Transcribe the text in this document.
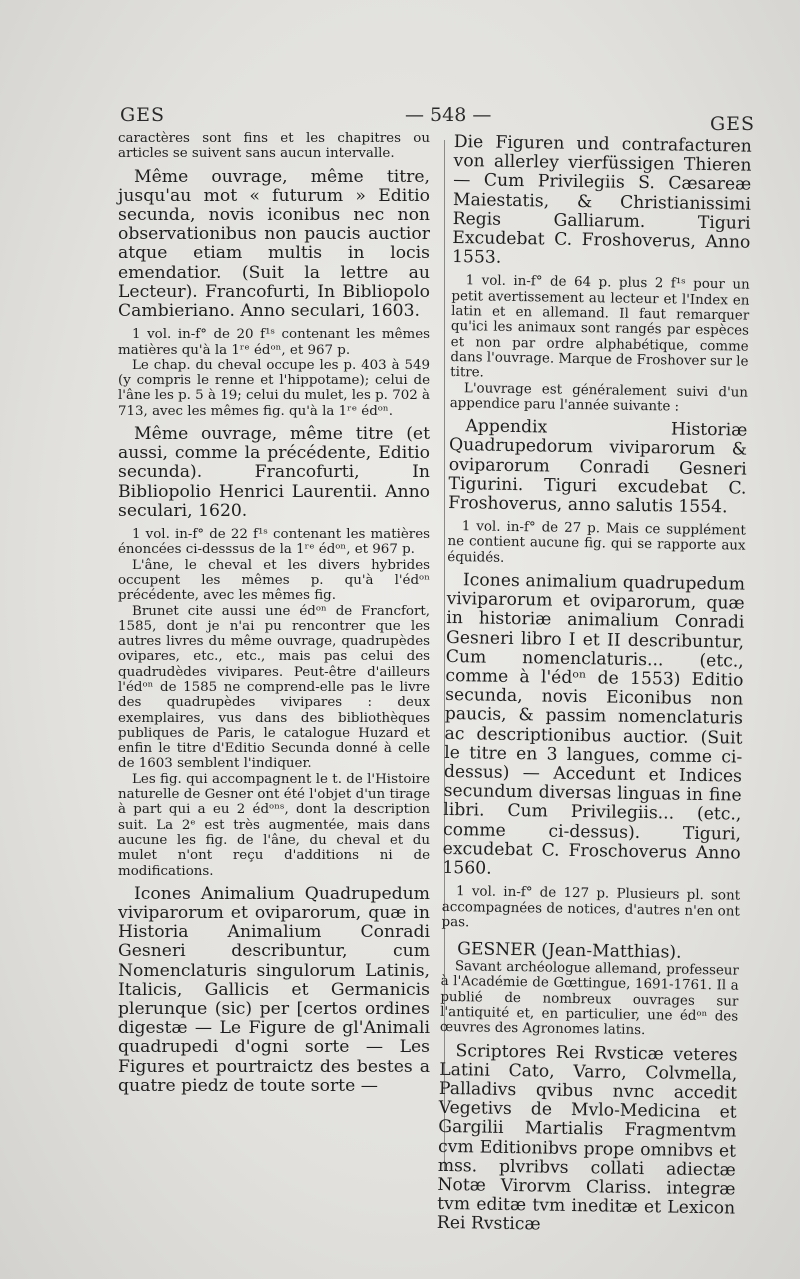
GES	— 548 —	GES

caractères sont fins et les chapitres ou articles se suivent sans aucun intervalle.

Même ouvrage, même titre, jusqu'au mot « futurum » Editio secunda, novis iconibus nec non observationibus non paucis auctior atque etiam multis in locis emendatior. (Suit la lettre au Lecteur). Francofurti, In Bibliopolo Cambieriano. Anno seculari, 1603.

1 vol. in-f° de 20 f¹ˢ contenant les mêmes matières qu'à la 1ʳᵉ édᵒⁿ, et 967 p.

Le chap. du cheval occupe les p. 403 à 549 (y compris le renne et l'hippotame); celui de l'âne les p. 5 à 19; celui du mulet, les p. 702 à 713, avec les mêmes fig. qu'à la 1ʳᵉ édᵒⁿ.

Même ouvrage, même titre (et aussi, comme la précédente, Editio secunda). Francofurti, In Bibliopolio Henrici Laurentii. Anno seculari, 1620.

1 vol. in-f° de 22 f¹ˢ contenant les matières énoncées ci-desssus de la 1ʳᵉ édᵒⁿ, et 967 p.

L'âne, le cheval et les divers hybrides occupent les mêmes p. qu'à l'édᵒⁿ précédente, avec les mêmes fig.

Brunet cite aussi une édᵒⁿ de Francfort, 1585, dont je n'ai pu rencontrer que les autres livres du même ouvrage, quadrupèdes ovipares, etc., etc., mais pas celui des quadrudèdes vivipares. Peut-être d'ailleurs l'édᵒⁿ de 1585 ne comprend-elle pas le livre des quadrupèdes vivipares : deux exemplaires, vus dans des bibliothèques publiques de Paris, le catalogue Huzard et enfin le titre d'Editio Secunda donné à celle de 1603 semblent l'indiquer.

Les fig. qui accompagnent le t. de l'Histoire naturelle de Gesner ont été l'objet d'un tirage à part qui a eu 2 édᵒⁿˢ, dont la description suit. La 2ᵉ est très augmentée, mais dans aucune les fig. de l'âne, du cheval et du mulet n'ont reçu d'additions ni de modifications.

Icones Animalium Quadrupedum viviparorum et oviparorum, quæ in Historia Animalium Conradi Gesneri describuntur, cum Nomenclaturis singulorum Latinis, Italicis, Gallicis et Germanicis plerunque (sic) per [certos ordines digestæ — Le Figure de gl'Animali quadrupedi d'ogni sorte — Les Figures et pourtraictz des bestes a quatre piedz de toute sorte —

Die Figuren und contrafacturen von allerley vierfüssigen Thieren — Cum Privilegiis S. Cæsareæ Maiestatis, & Christianissimi Regis Galliarum. Tiguri Excudebat C. Froshoverus, Anno 1553.

1 vol. in-f° de 64 p. plus 2 f¹ˢ pour un petit avertissement au lecteur et l'Index en latin et en allemand. Il faut remarquer qu'ici les animaux sont rangés par espèces et non par ordre alphabétique, comme dans l'ouvrage. Marque de Froshover sur le titre.

L'ouvrage est généralement suivi d'un appendice paru l'année suivante :

Appendix Historiæ Quadrupedorum viviparorum & oviparorum Conradi Gesneri Tigurini. Tiguri excudebat C. Froshoverus, anno salutis 1554.

1 vol. in-f° de 27 p. Mais ce supplément ne contient aucune fig. qui se rapporte aux équidés.

Icones animalium quadrupedum viviparorum et oviparorum, quæ in historiæ animalium Conradi Gesneri libro I et II describuntur, Cum nomenclaturis... (etc., comme à l'édᵒⁿ de 1553) Editio secunda, novis Eiconibus non paucis, & passim nomenclaturis ac descriptionibus auctior. (Suit le titre en 3 langues, comme ci-dessus) — Accedunt et Indices secundum diversas linguas in fine libri. Cum Privilegiis... (etc., comme ci-dessus). Tiguri, excudebat C. Froschoverus Anno 1560.

1 vol. in-f° de 127 p. Plusieurs pl. sont accompagnées de notices, d'autres n'en ont pas.

GESNER (Jean-Matthias).

Savant archéologue allemand, professeur à l'Académie de Gœttingue, 1691-1761. Il a publié de nombreux ouvrages sur l'antiquité et, en particulier, une édᵒⁿ des œuvres des Agronomes latins.

Scriptores Rei Rvsticæ veteres Latini Cato, Varro, Colvmella, Palladivs qvibus nvnc accedit Vegetivs de Mvlo-Medicina et Gargilii Martialis Fragmentvm cvm Editionibvs prope omnibvs et mss. plvribvs collati adiectæ Notæ Virorvm Clariss. integræ tvm editæ tvm ineditæ et Lexicon Rei Rvsticæ
